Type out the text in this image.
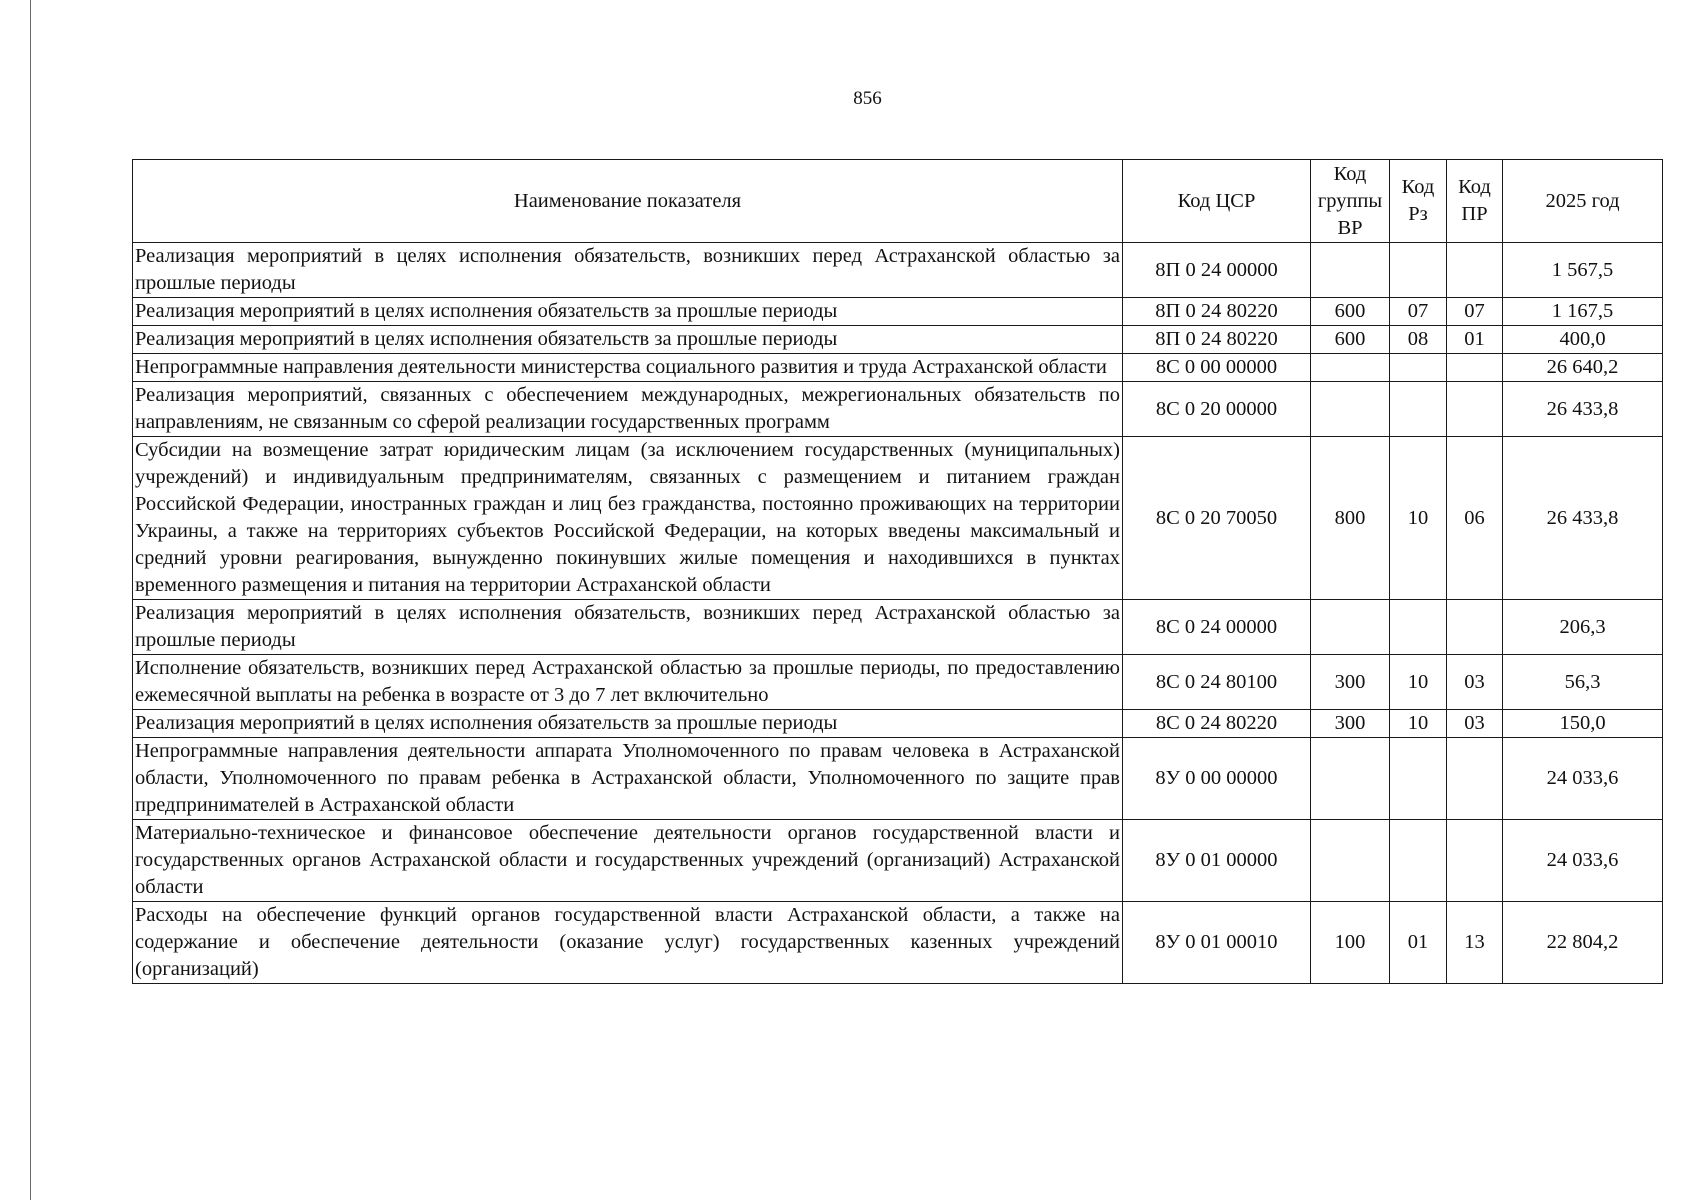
856
Наименование показателя	Код ЦСР	Код группы ВР	Код Рз	Код ПР	2025 год
Реализация мероприятий в целях исполнения обязательств, возникших перед Астраханской областью за прошлые периоды	8П 0 24 00000				1 567,5
Реализация мероприятий в целях исполнения обязательств за прошлые периоды	8П 0 24 80220	600	07	07	1 167,5
Реализация мероприятий в целях исполнения обязательств за прошлые периоды	8П 0 24 80220	600	08	01	400,0
Непрограммные направления деятельности министерства социального развития и труда Астраханской области	8С 0 00 00000				26 640,2
Реализация мероприятий, связанных с обеспечением международных, межрегиональных обязательств по направлениям, не связанным со сферой реализации государственных программ	8С 0 20 00000				26 433,8
Субсидии на возмещение затрат юридическим лицам (за исключением государственных (муниципальных) учреждений) и индивидуальным предпринимателям, связанных с размещением и питанием граждан Российской Федерации, иностранных граждан и лиц без гражданства, постоянно проживающих на территории Украины, а также на территориях субъектов Российской Федерации, на которых введены максимальный и средний уровни реагирования, вынужденно покинувших жилые помещения и находившихся в пунктах временного размещения и питания на территории Астраханской области	8С 0 20 70050	800	10	06	26 433,8
Реализация мероприятий в целях исполнения обязательств, возникших перед Астраханской областью за прошлые периоды	8С 0 24 00000				206,3
Исполнение обязательств, возникших перед Астраханской областью за прошлые периоды, по предоставлению ежемесячной выплаты на ребенка в возрасте от 3 до 7 лет включительно	8С 0 24 80100	300	10	03	56,3
Реализация мероприятий в целях исполнения обязательств за прошлые периоды	8С 0 24 80220	300	10	03	150,0
Непрограммные направления деятельности аппарата Уполномоченного по правам человека в Астраханской области, Уполномоченного по правам ребенка в Астраханской области, Уполномоченного по защите прав предпринимателей в Астраханской области	8У 0 00 00000				24 033,6
Материально-техническое и финансовое обеспечение деятельности органов государственной власти и государственных органов Астраханской области и государственных учреждений (организаций) Астраханской области	8У 0 01 00000				24 033,6
Расходы на обеспечение функций органов государственной власти Астраханской области, а также на содержание и обеспечение деятельности (оказание услуг) государственных казенных учреждений (организаций)	8У 0 01 00010	100	01	13	22 804,2
